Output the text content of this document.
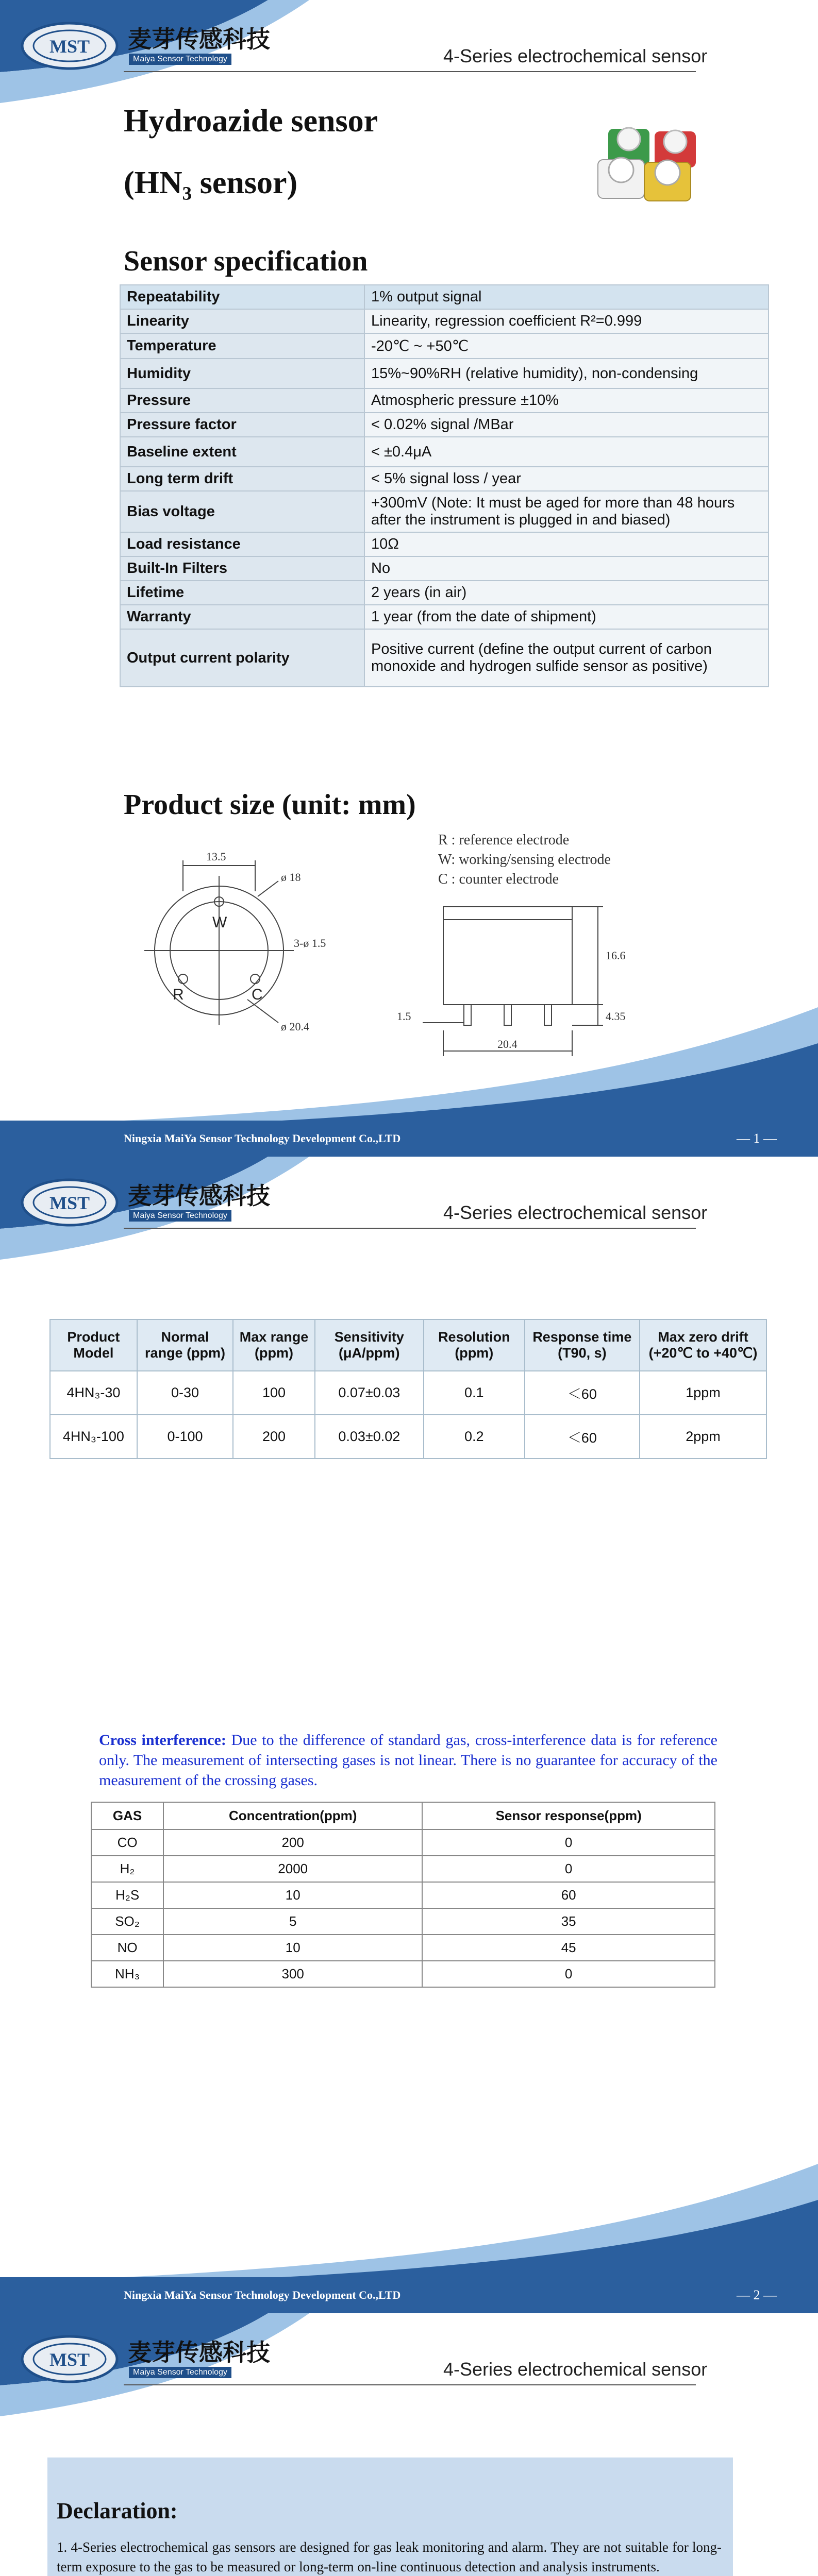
MST 麦芽传感科技
Maiya Sensor Technology	4-Series electrochemical sensor
Hydroazide sensor
(HN₃ sensor)
Sensor specification
Repeatability	1% output signal
Linearity	Linearity, regression coefficient R²=0.999
Temperature	-20℃ ~ +50℃
Humidity	15%~90%RH (relative humidity), non-condensing
Pressure	Atmospheric pressure ±10%
Pressure factor	< 0.02% signal /MBar
Baseline extent	< ±0.4μA
Long term drift	< 5% signal loss / year
Bias voltage	+300mV (Note: It must be aged for more than 48 hours after the instrument is plugged in and biased)
Load resistance	10Ω
Built-In Filters	No
Lifetime	2 years (in air)
Warranty	1 year (from the date of shipment)
Output current polarity	Positive current (define the output current of carbon monoxide and hydrogen sulfide sensor as positive)
Product size (unit: mm)
13.5
ø 18
3-ø 1.5
ø 20.4
W
R	C
16.6
4.35
1.5
20.4
R : reference electrode
W: working/sensing electrode
C : counter electrode
Ningxia MaiYa Sensor Technology Development Co.,LTD	— 1 —
MST 麦芽传感科技
Maiya Sensor Technology	4-Series electrochemical sensor
Ningxia MaiYa Sensor Technology Development Co.,LTD	— 2 —
MST 麦芽传感科技
Maiya Sensor Technology	4-Series electrochemical sensor
Product Model	Normal range (ppm)	Max range (ppm)	Sensitivity (μA/ppm)	Resolution (ppm)	Response time (T90, s)	Max zero drift (+20℃ to +40℃)
4HN₃-30	0-30	100	0.07±0.03	0.1	＜60	1ppm
4HN₃-100	0-100	200	0.03±0.02	0.2	＜60	2ppm
Cross interference: Due to the difference of standard gas, cross-interference data is for reference only. The measurement of intersecting gases is not linear. There is no guarantee for accuracy of the measurement of the crossing gases.
GAS	Concentration(ppm)	Sensor response(ppm)
CO	200	0
H₂	2000	0
H₂S	10	60
SO₂	5	35
NO	10	45
NH₃	300	0
Declaration:

1. 4-Series electrochemical gas sensors are designed for gas leak monitoring and alarm. They are not suitable for long-term exposure to the gas to be measured or long-term on-line continuous detection and analysis instruments.
